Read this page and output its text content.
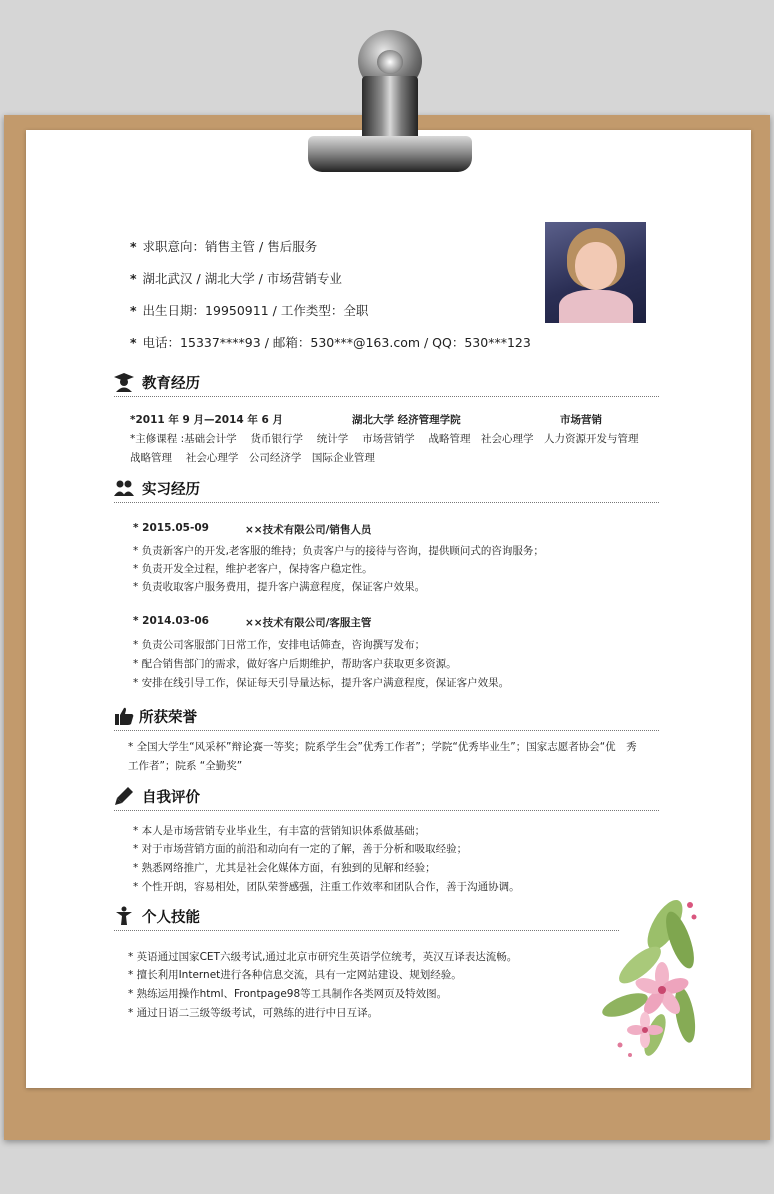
* 求职意向：销售主管 / 售后服务
* 湖北武汉 / 湖北大学 / 市场营销专业
* 出生日期：19950911 / 工作类型：全职
* 电话：15337****93 / 邮箱：530***@163.com / QQ：530***123
教育经历
*2011 年 9 月—2014 年 6 月	湖北大学 经济管理学院	市场营销
*主修课程 :基础会计学　 货币银行学　 统计学　 市场营销学　 战略管理　社会心理学　人力资源开发与管理
战略管理　 社会心理学　公司经济学　国际企业管理
实习经历
* 2015.05-09	××技术有限公司/销售人员
* 负责新客户的开发,老客服的维持；负责客户与的接待与咨询，提供顾问式的咨询服务；
* 负责开发全过程，维护老客户，保持客户稳定性。
* 负责收取客户服务费用，提升客户满意程度，保证客户效果。
* 2014.03-06	××技术有限公司/客服主管
* 负责公司客服部门日常工作，安排电话筛查，咨询撰写发布；
* 配合销售部门的需求，做好客户后期维护，帮助客户获取更多资源。
* 安排在线引导工作，保证每天引导量达标，提升客户满意程度，保证客户效果。
所获荣誉
* 全国大学生“风采杯”辩论赛一等奖；院系学生会”优秀工作者”；学院“优秀毕业生”；国家志愿者协会“优　秀
工作者”；院系 “全勤奖”
自我评价
* 本人是市场营销专业毕业生，有丰富的营销知识体系做基础；
* 对于市场营销方面的前沿和动向有一定的了解，善于分析和吸取经验；
* 熟悉网络推广，尤其是社会化媒体方面，有独到的见解和经验；
* 个性开朗，容易相处，团队荣誉感强，注重工作效率和团队合作，善于沟通协调。
个人技能
* 英语通过国家CET六级考试,通过北京市研究生英语学位统考，英汉互译表达流畅。
* 擅长利用Internet进行各种信息交流，具有一定网站建设、规划经验。
* 熟练运用操作html、Frontpage98等工具制作各类网页及特效图。
* 通过日语二三级等级考试，可熟练的进行中日互译。
